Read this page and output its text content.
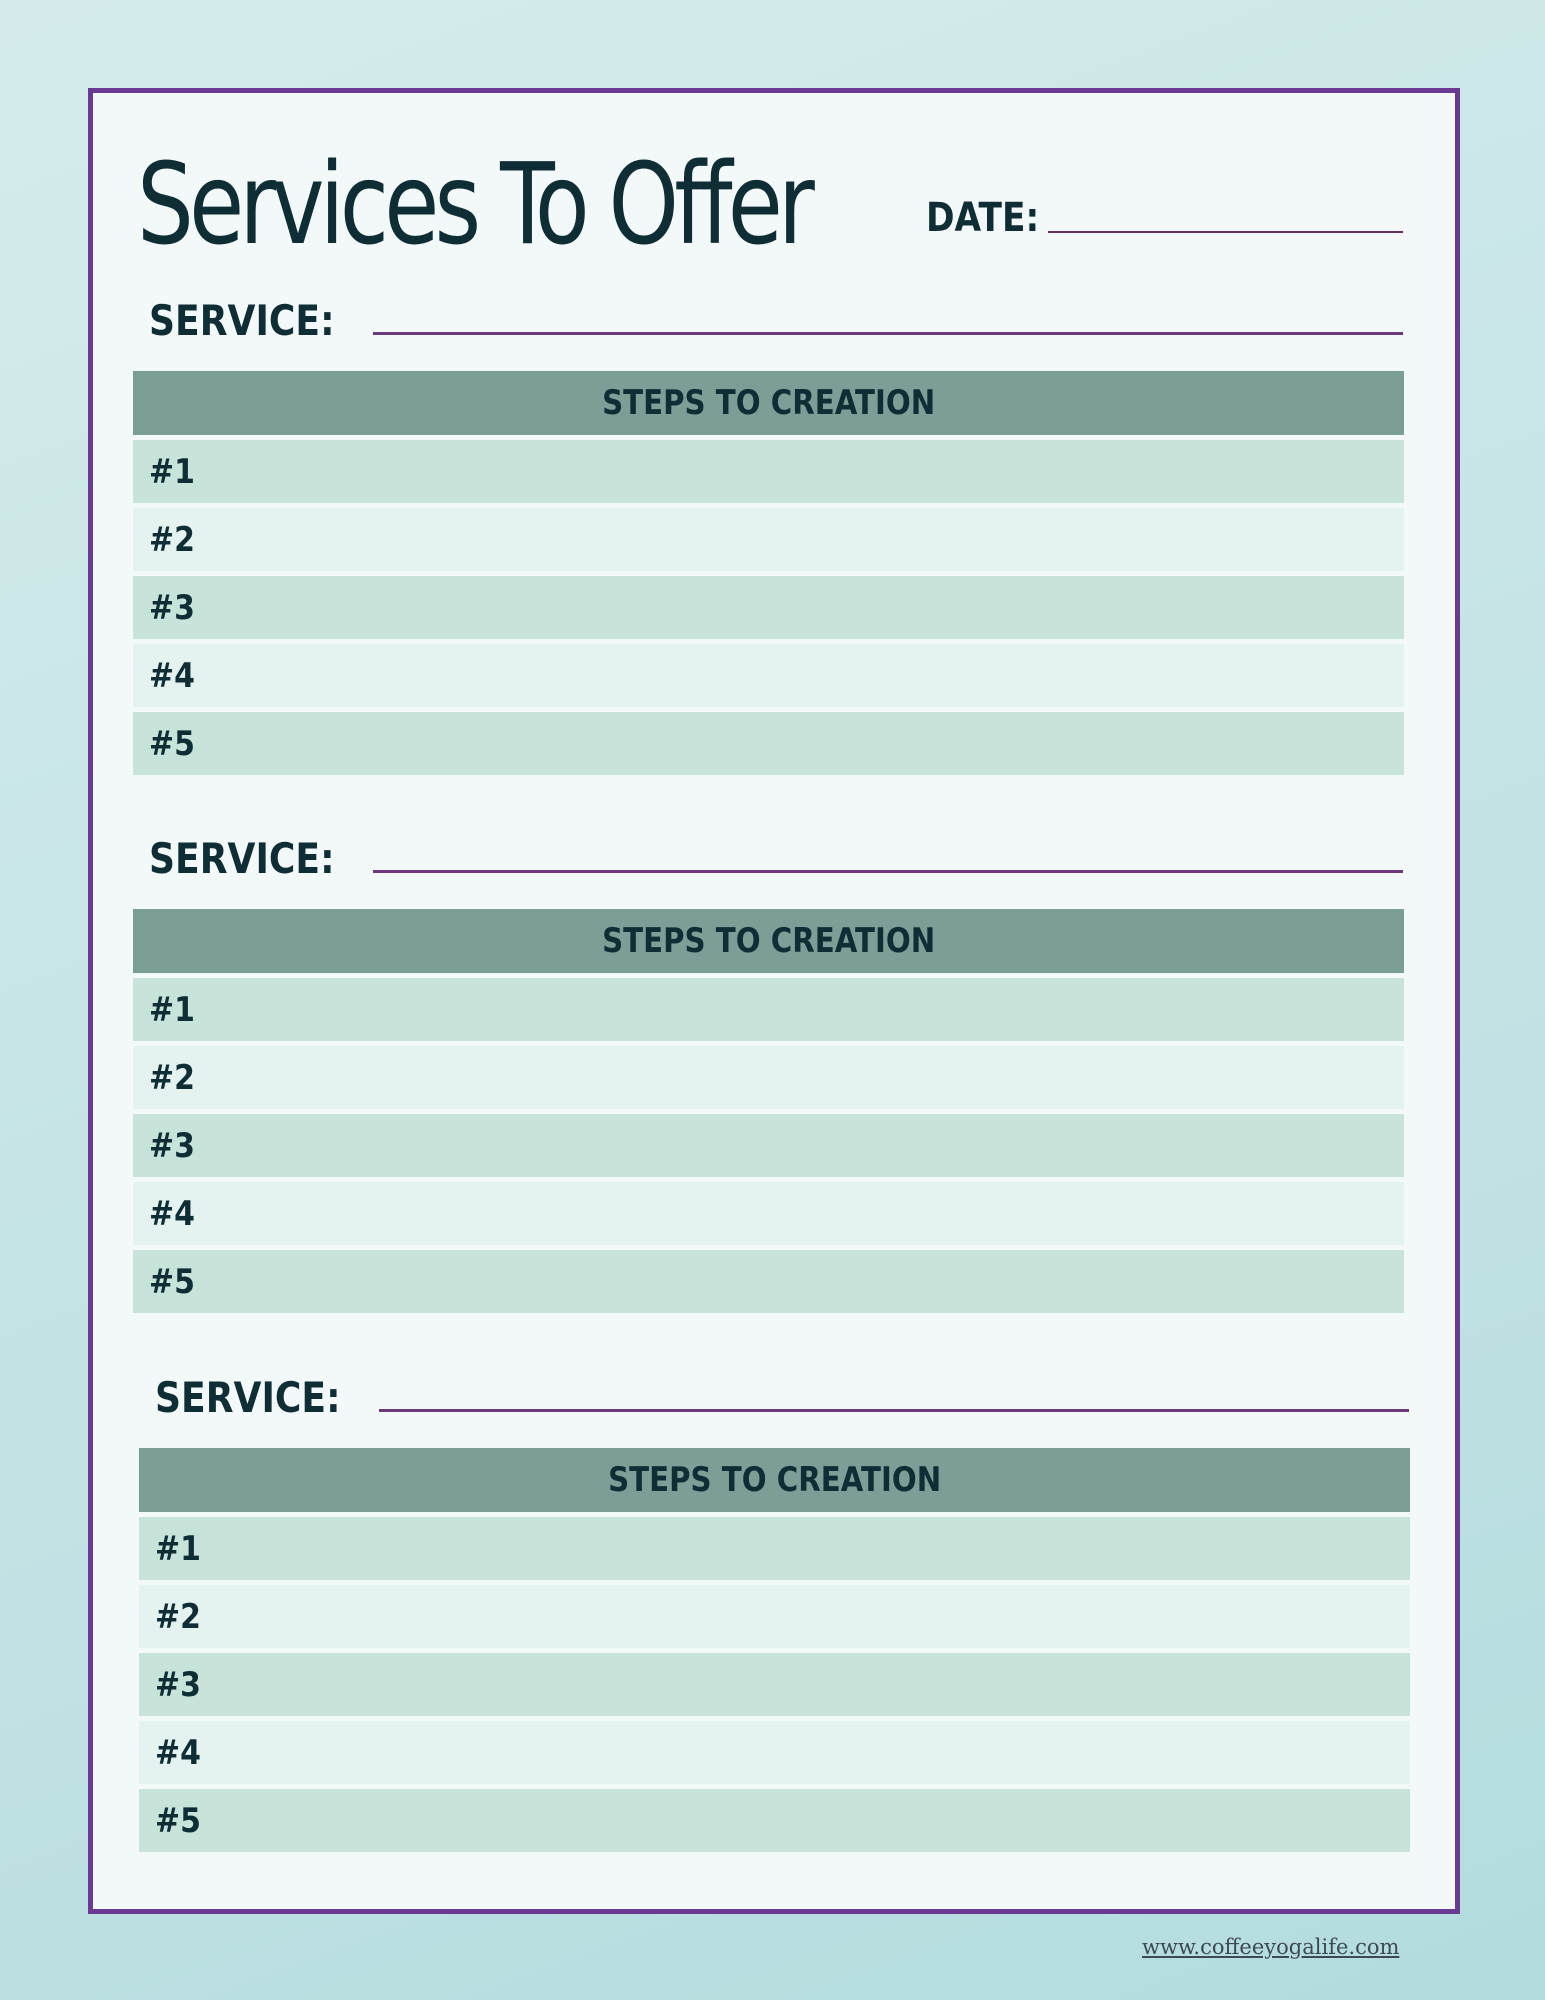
Services To Offer	DATE:
SERVICE:
STEPS TO CREATION
#1
#2
#3
#4
#5
SERVICE:
STEPS TO CREATION
#1
#2
#3
#4
#5
SERVICE:
STEPS TO CREATION
#1
#2
#3
#4
#5
www.coffeeyogalife.com
